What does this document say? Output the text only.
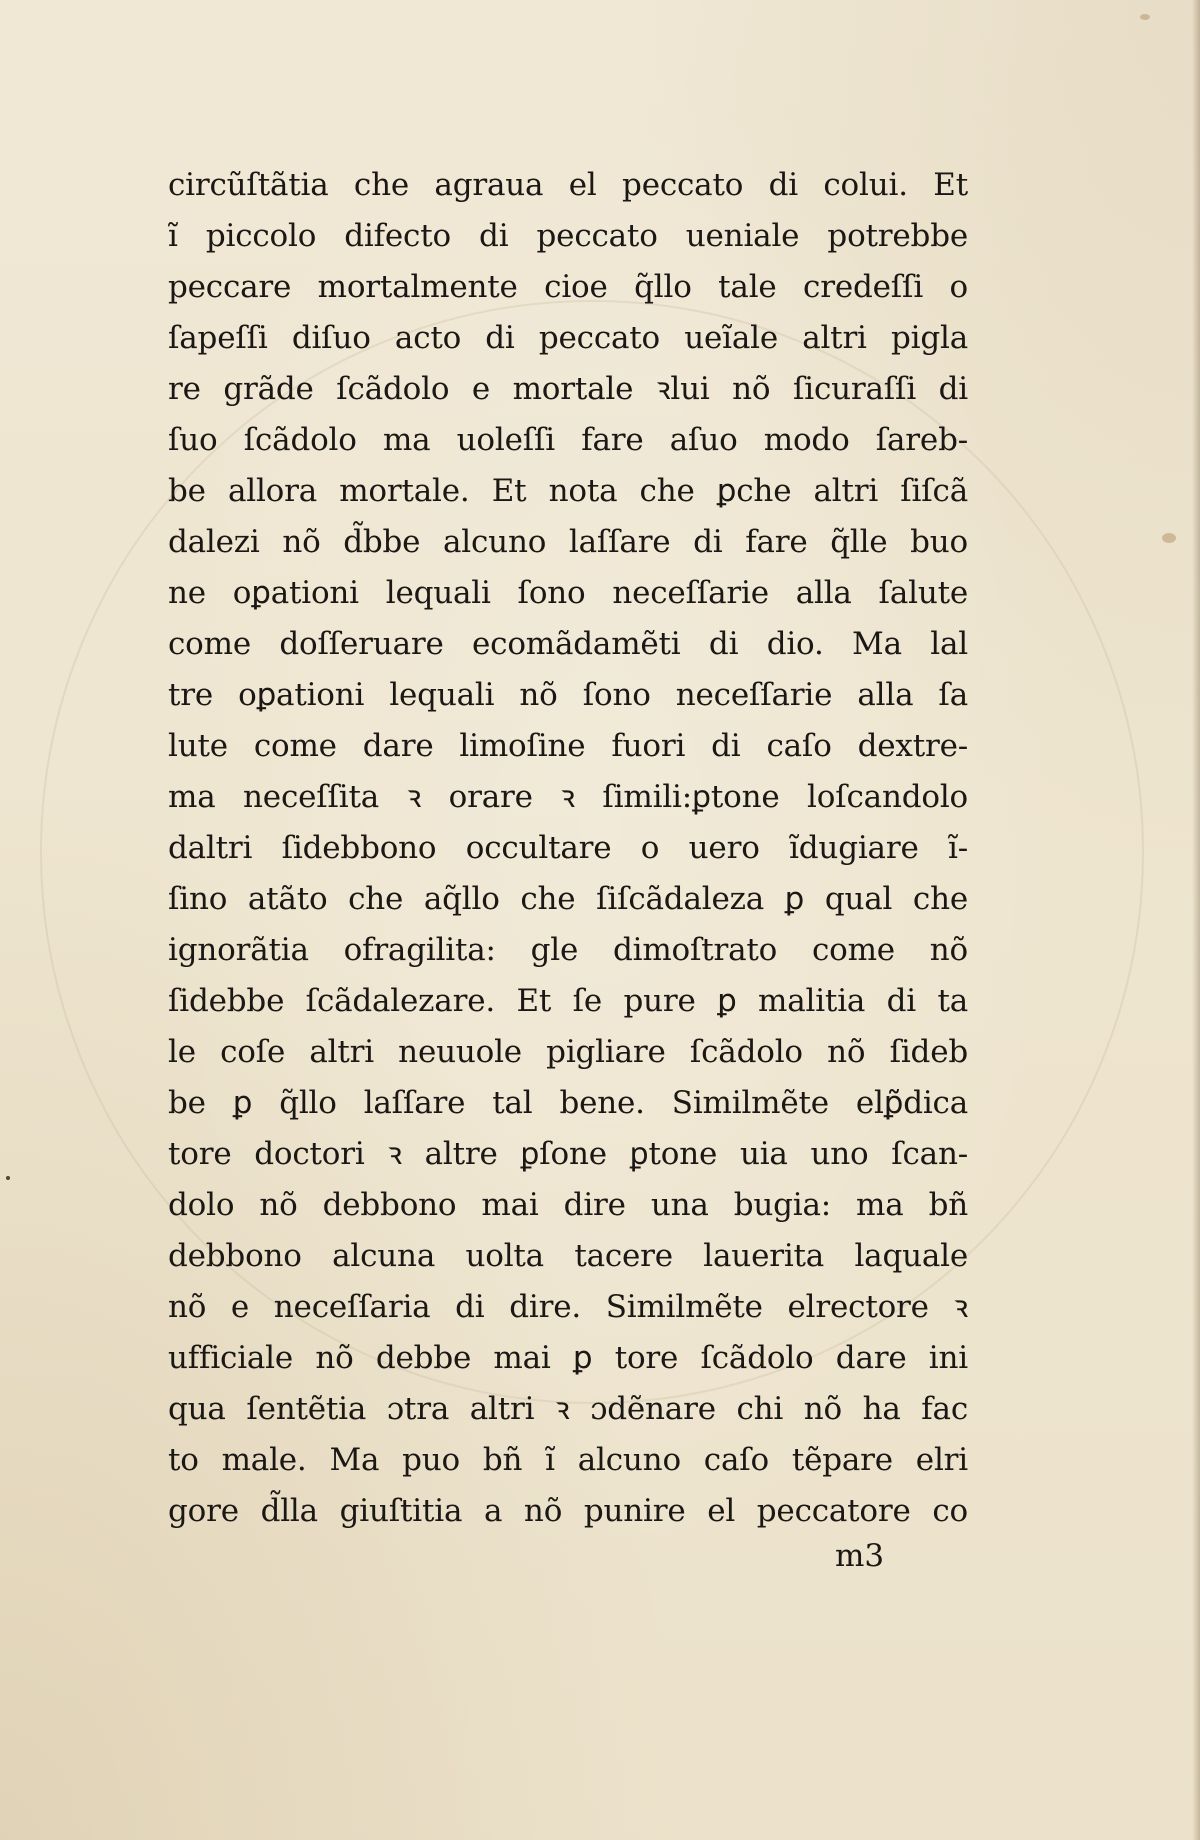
circũſtãtia che agraua el peccato di colui. Et
ĩ piccolo difecto di peccato ueniale potrebbe
peccare mortalmente cioe q̃llo tale credeſſi o
ſapeſſi diſuo acto di peccato ueĩale altri pigla
re grãde ſcãdolo e mortale ꝛlui nõ ſicuraſſi di
ſuo ſcãdolo ma uoleſſi fare aſuo modo ſareb-
be allora mortale. Et nota che ꝑche altri ſiſcã
dalezi nõ d̃bbe alcuno laſſare di fare q̃lle buo
ne oꝑationi lequali ſono neceſſarie alla ſalute
come doſſeruare ecomãdamẽti di dio. Ma lal
tre oꝑationi lequali nõ ſono neceſſarie alla ſa
lute come dare limoſine fuori di caſo dextre-
ma neceſſita ꝛ orare ꝛ ſimili:ꝑtone loſcandolo
daltri ſidebbono occultare o uero ĩdugiare ĩ-
ſino atãto che aq̃llo che ſiſcãdaleza ꝑ qual che
ignorãtia ofragilita: gle dimoſtrato come nõ
ſidebbe ſcãdalezare. Et ſe pure ꝑ malitia di ta
le coſe altri neuuole pigliare ſcãdolo nõ ſideb
be ꝑ q̃llo laſſare tal bene. Similmẽte elꝑ̃dica
tore doctori ꝛ altre ꝑſone ꝑtone uia uno ſcan-
dolo nõ debbono mai dire una bugia: ma bñ
debbono alcuna uolta tacere lauerita laquale
nõ e neceſſaria di dire. Similmẽte elrectore ꝛ
ufficiale nõ debbe mai ꝑ tore ſcãdolo dare ini
qua ſentẽtia ɔtra altri ꝛ ɔdẽnare chi nõ ha fac
to male. Ma puo bñ ĩ alcuno caſo tẽpare elri
gore d̃lla giuſtitia a nõ punire el peccatore co
m3
